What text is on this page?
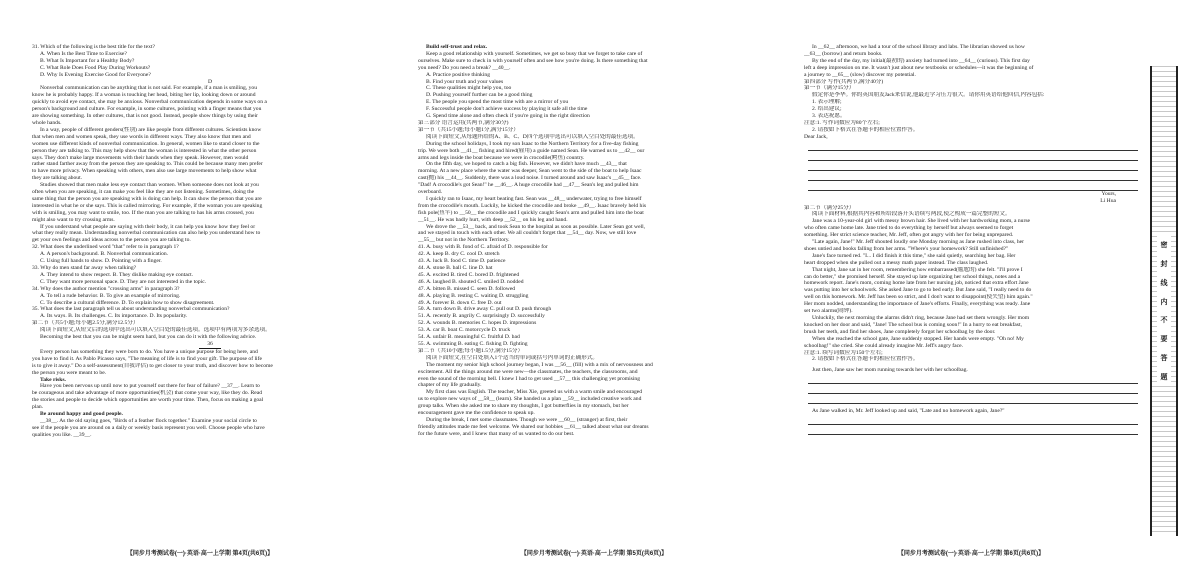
31. Which of the following is the best title for the text?
A. When Is the Best Time to Exercise?
B. What Is Important for a Healthy Body?
C. What Role Does Food Play During Workouts?
D. Why Is Evening Exercise Good for Everyone?
D
Nonverbal communication can be anything that is not said. For example, if a man is smiling, you
know he is probably happy. If a woman is touching her head, biting her lip, looking down or around
quickly to avoid eye contact, she may be anxious. Nonverbal communication depends in some ways on a
person's background and culture. For example, in some cultures, pointing with a finger means that you
are showing something. In other cultures, that is not good. Instead, people show things by using their
whole hands.
In a way, people of different genders(性别) are like people from different cultures. Scientists know
that when men and women speak, they use words in different ways. They also know that men and
women use different kinds of nonverbal communication. In general, women like to stand closer to the
person they are talking to. This may help show that the woman is interested in what the other person
says. They don't make large movements with their hands when they speak. However, men would
rather stand farther away from the person they are speaking to. This could be because many men prefer
to have more privacy. When speaking with others, men also use large movements to help show what
they are talking about.
Studies showed that men make less eye contact than women. When someone does not look at you
often when you are speaking, it can make you feel like they are not listening. Sometimes, doing the
same thing that the person you are speaking with is doing can help. It can show the person that you are
interested in what he or she says. This is called mirroring. For example, if the woman you are speaking
with is smiling, you may want to smile, too. If the man you are talking to has his arms crossed, you
might also want to try crossing arms.
If you understand what people are saying with their body, it can help you know how they feel or
what they really mean. Understanding nonverbal communication can also help you understand how to
get your own feelings and ideas across to the person you are talking to.
32. What does the underlined word "that" refer to in paragraph 1?
A. A person's background. B. Nonverbal communication.
C. Using full hands to show. D. Pointing with a finger.
33. Why do men stand far away when talking?
A. They intend to show respect. B. They dislike making eye contact.
C. They want more personal space. D. They are not interested in the topic.
34. Why does the author mention "crossing arms" in paragraph 3?
A. To tell a rude behavior. B. To give an example of mirroring.
C. To describe a cultural difference. D. To explain how to show disagreement.
35. What does the last paragraph tell us about understanding nonverbal communication?
A. Its ways. B. Its challenges. C. Its importance. D. Its popularity.
第二节（共5小题;每小题2.5分,满分12.5分）
阅读下面短文,从短文后的选项中选出可以填入空白处的最佳选项。选项中有两项为多余选项。
Becoming the best that you can be might seem hard, but you can do it with the following advice.
36
Every person has something they were born to do. You have a unique purpose for being here, and
you have to find it. As Pablo Picasso says, "The meaning of life is to find your gift. The purpose of life
is to give it away." Do a self-assessment(自我评估) to get closer to your truth, and discover how to become
the person you were meant to be.
Take risks.
Have you been nervous up until now to put yourself out there for fear of failure? __37__. Learn to
be courageous and take advantage of more opportunities(机会) that come your way, like they do. Read
the stories and people to decide which opportunities are worth your time. Then, focus on making a goal
plan.
Be around happy and good people.
__38__. As the old saying goes, "Birds of a feather flock together." Examine your social circle to
see if the people you are around on a daily or weekly basis represent you well. Choose people who have
qualities you like. __39__.
【同步月考测试卷(一)·英语·高一上学期 第4页(共6页)】
Build self-trust and relax.
Keep a good relationship with yourself. Sometimes, we get so busy that we forget to take care of
ourselves. Make sure to check in with yourself often and see how you're doing. Is there something that
you need? Do you need a break? __40__.
A. Practice positive thinking
B. Find your truth and your values
C. These qualities might help you, too
D. Pushing yourself further can be a good thing
E. The people you spend the most time with are a mirror of you
F. Successful people don't achieve success by playing it safe all the time
G. Spend time alone and often check if you're going in the right direction
第三部分 语言运用(共两节,满分30分)
第一节（共15小题;每小题1分,满分15分）
阅读下面短文,从每题所给的A、B、C、D四个选项中选出可以填入空白处的最佳选项。
During the school holidays, I took my son Isaac to the Northern Territory for a five-day fishing
trip. We were both __41__ fishing and hired(雇用) a guide named Sean. He warned us to __42__ our
arms and legs inside the boat because we were in crocodile(鳄鱼) country.
On the fifth day, we hoped to catch a big fish. However, we didn't have much __43__ that
morning. At a new place where the water was deeper, Sean went to the side of the boat to help Isaac
cast(抛) his __44__. Suddenly, there was a loud noise. I turned around and saw Isaac's __45__ face.
"Dad! A crocodile's got Sean!" he __46__. A huge crocodile had __47__ Sean's leg and pulled him
overboard.
I quickly ran to Isaac, my heart beating fast. Sean was __48__ underwater, trying to free himself
from the crocodile's mouth. Luckily, he kicked the crocodile and broke __49__. Isaac bravely held his
fish pole(鱼竿) to __50__ the crocodile and I quickly caught Sean's arm and pulled him into the boat
__51__. He was badly hurt, with deep __52__ on his leg and hand.
We drove the __53__ back, and took Sean to the hospital as soon as possible. Later Sean got well,
and we stayed in touch with each other. We all couldn't forget that __54__ day. Now, we still love
__55__ but not in the Northern Territory.
41. A. busy with B. fond of C. afraid of D. responsible for
42. A. keep B. dry C. cool D. stretch
43. A. luck B. food C. time D. patience
44. A. stone B. ball C. line D. hat
45. A. excited B. tired C. bored D. frightened
46. A. laughed B. shouted C. smiled D. nodded
47. A. bitten B. missed C. seen D. followed
48. A. playing B. resting C. waiting D. struggling
49. A. forever B. down C. free D. out
50. A. turn down B. drive away C. pull out D. push through
51. A. recently B. angrily C. surprisingly D. successfully
52. A. wounds B. memories C. hopes D. impressions
53. A. car B. boat C. motorcycle D. truck
54. A. unfair B. meaningful C. fruitful D. bad
55. A. swimming B. eating C. fishing D. fighting
第二节（共10小题;每小题1.5分,满分15分）
阅读下面短文,在空白处填入1个适当的单词或括号内单词的正确形式。
The moment my senior high school journey began, I was __56__ (fill) with a mix of nervousness and
excitement. All the things around me were new—the classmates, the teachers, the classrooms, and
even the sound of the morning bell. I knew I had to get used __57__ this challenging yet promising
chapter of my life gradually.
My first class was English. The teacher, Miss Xie, greeted us with a warm smile and encouraged
us to explore new ways of __58__ (learn). She handed us a plan __59__ included creative work and
group talks. When she asked me to share my thoughts, I got butterflies in my stomach, but her
encouragement gave me the confidence to speak up.
During the break, I met some classmates. Though we were __60__ (stranger) at first, their
friendly attitudes made me feel welcome. We shared our hobbies __61__ talked about what our dreams
for the future were, and I knew that many of us wanted to do our best.
【同步月考测试卷(一)·英语·高一上学期 第5页(共6页)】
In __62__ afternoon, we had a tour of the school library and labs. The librarian showed us how
__63__ (borrow) and return books.
By the end of the day, my initial(最初的) anxiety had turned into __64__ (curious). This first day
left a deep impression on me. It wasn't just about new textbooks or schedules—it was the beginning of
a journey to __65__ (slow) discover my potential.
第四部分 写作(共两节,满分40分)
第一节（满分15分）
假定你是李华。你的英国朋友Jack来信说,他最近学习压力很大。请你用英语给他回信,内容包括:
1. 表示理解;
2. 给出建议;
3. 表达祝愿。
注意:1. 写作词数应为80个左右;
2. 请按如下格式在答题卡的相应位置作答。
Dear Jack,
Yours,
Li Hua
第二节（满分25分）
阅读下面材料,根据其内容和所给段落开头语续写两段,使之构成一篇完整的短文。
Jane was a 10-year-old girl with messy brown hair. She lived with her hardworking mom, a nurse
who often came home late. Jane tried to do everything by herself but always seemed to forget
something. Her strict science teacher, Mr. Jeff, often got angry with her for being unprepared.
"Late again, Jane!" Mr. Jeff shouted loudly one Monday morning as Jane rushed into class, her
shoes untied and books falling from her arms. "Where's your homework? Still unfinished?"
Jane's face turned red. "I... I did finish it this time," she said quietly, searching her bag. Her
heart dropped when she pulled out a messy math paper instead. The class laughed.
That night, Jane sat in her room, remembering how embarrassed(尴尬的) she felt. "I'll prove I
can do better," she promised herself. She stayed up late organizing her school things, notes and a
homework report. Jane's mom, coming home late from her nursing job, noticed that extra effort Jane
was putting into her schoolwork. She asked Jane to go to bed early. But Jane said, "I really need to do
well on this homework. Mr. Jeff has been so strict, and I don't want to disappoint(使失望) him again."
Her mom nodded, understanding the importance of Jane's efforts. Finally, everything was ready. Jane
set two alarms(闹钟).
Unluckily, the next morning the alarms didn't ring, because Jane had set them wrongly. Her mom
knocked on her door and said, "Jane! The school bus is coming soon!" In a hurry to eat breakfast,
brush her teeth, and find her shoes, Jane completely forgot her schoolbag by the door.
When she reached the school gate, Jane suddenly stopped. Her hands were empty. "Oh no! My
schoolbag!" she cried. She could already imagine Mr. Jeff's angry face.
注意:1. 续写词数应为150个左右;
2. 请按如下格式在答题卡的相应位置作答。
Just then, Jane saw her mom running towards her with her schoolbag.
As Jane walked in, Mr. Jeff looked up and said, "Late and no homework again, Jane?"
【同步月考测试卷(一)·英语·高一上学期 第6页(共6页)】
密
封
线
内
不
要
答
题
